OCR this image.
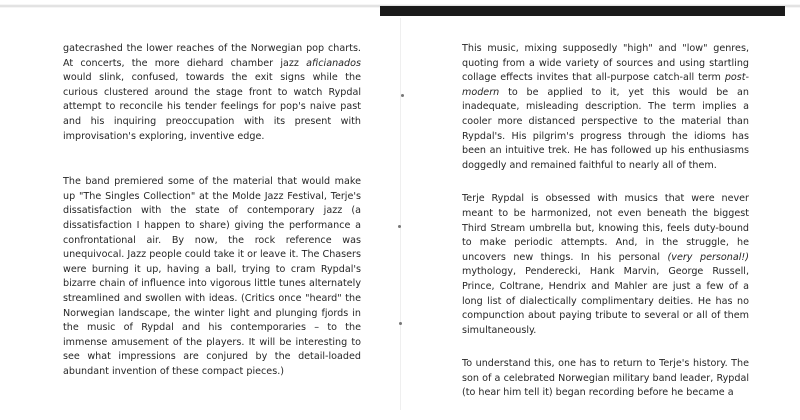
gatecrashed the lower reaches of the Norwegian pop charts. At concerts, the more diehard chamber jazz aficianados would slink, confused, towards the exit signs while the curious clustered around the stage front to watch Rypdal attempt to reconcile his tender feelings for pop's naive past and his inquiring preoccupation with its present with improvisation's exploring, inventive edge.

The band premiered some of the material that would make up "The Singles Collection" at the Molde Jazz Festival, Terje's dissatisfaction with the state of contemporary jazz (a dissatisfaction I happen to share) giving the performance a confrontational air. By now, the rock reference was unequivocal. Jazz people could take it or leave it. The Chasers were burning it up, having a ball, trying to cram Rypdal's bizarre chain of influence into vigorous little tunes alternately streamlined and swollen with ideas. (Critics once "heard" the Norwegian landscape, the winter light and plunging fjords in the music of Rypdal and his contemporaries – to the immense amusement of the players. It will be interesting to see what impressions are conjured by the detail-loaded abundant invention of these compact pieces.)

This music, mixing supposedly "high" and "low" genres, quoting from a wide variety of sources and using startling collage effects invites that all-purpose catch-all term post-modern to be applied to it, yet this would be an inadequate, misleading description. The term implies a cooler more distanced perspective to the material than Rypdal's. His pilgrim's progress through the idioms has been an intuitive trek. He has followed up his enthusiasms doggedly and remained faithful to nearly all of them.

Terje Rypdal is obsessed with musics that were never meant to be harmonized, not even beneath the biggest Third Stream umbrella but, knowing this, feels duty-bound to make periodic attempts. And, in the struggle, he uncovers new things. In his personal (very personal!) mythology, Penderecki, Hank Marvin, George Russell, Prince, Coltrane, Hendrix and Mahler are just a few of a long list of dialectically complimentary deities. He has no compunction about paying tribute to several or all of them simultaneously.

To understand this, one has to return to Terje's history. The son of a celebrated Norwegian military band leader, Rypdal (to hear him tell it) began recording before he became a
